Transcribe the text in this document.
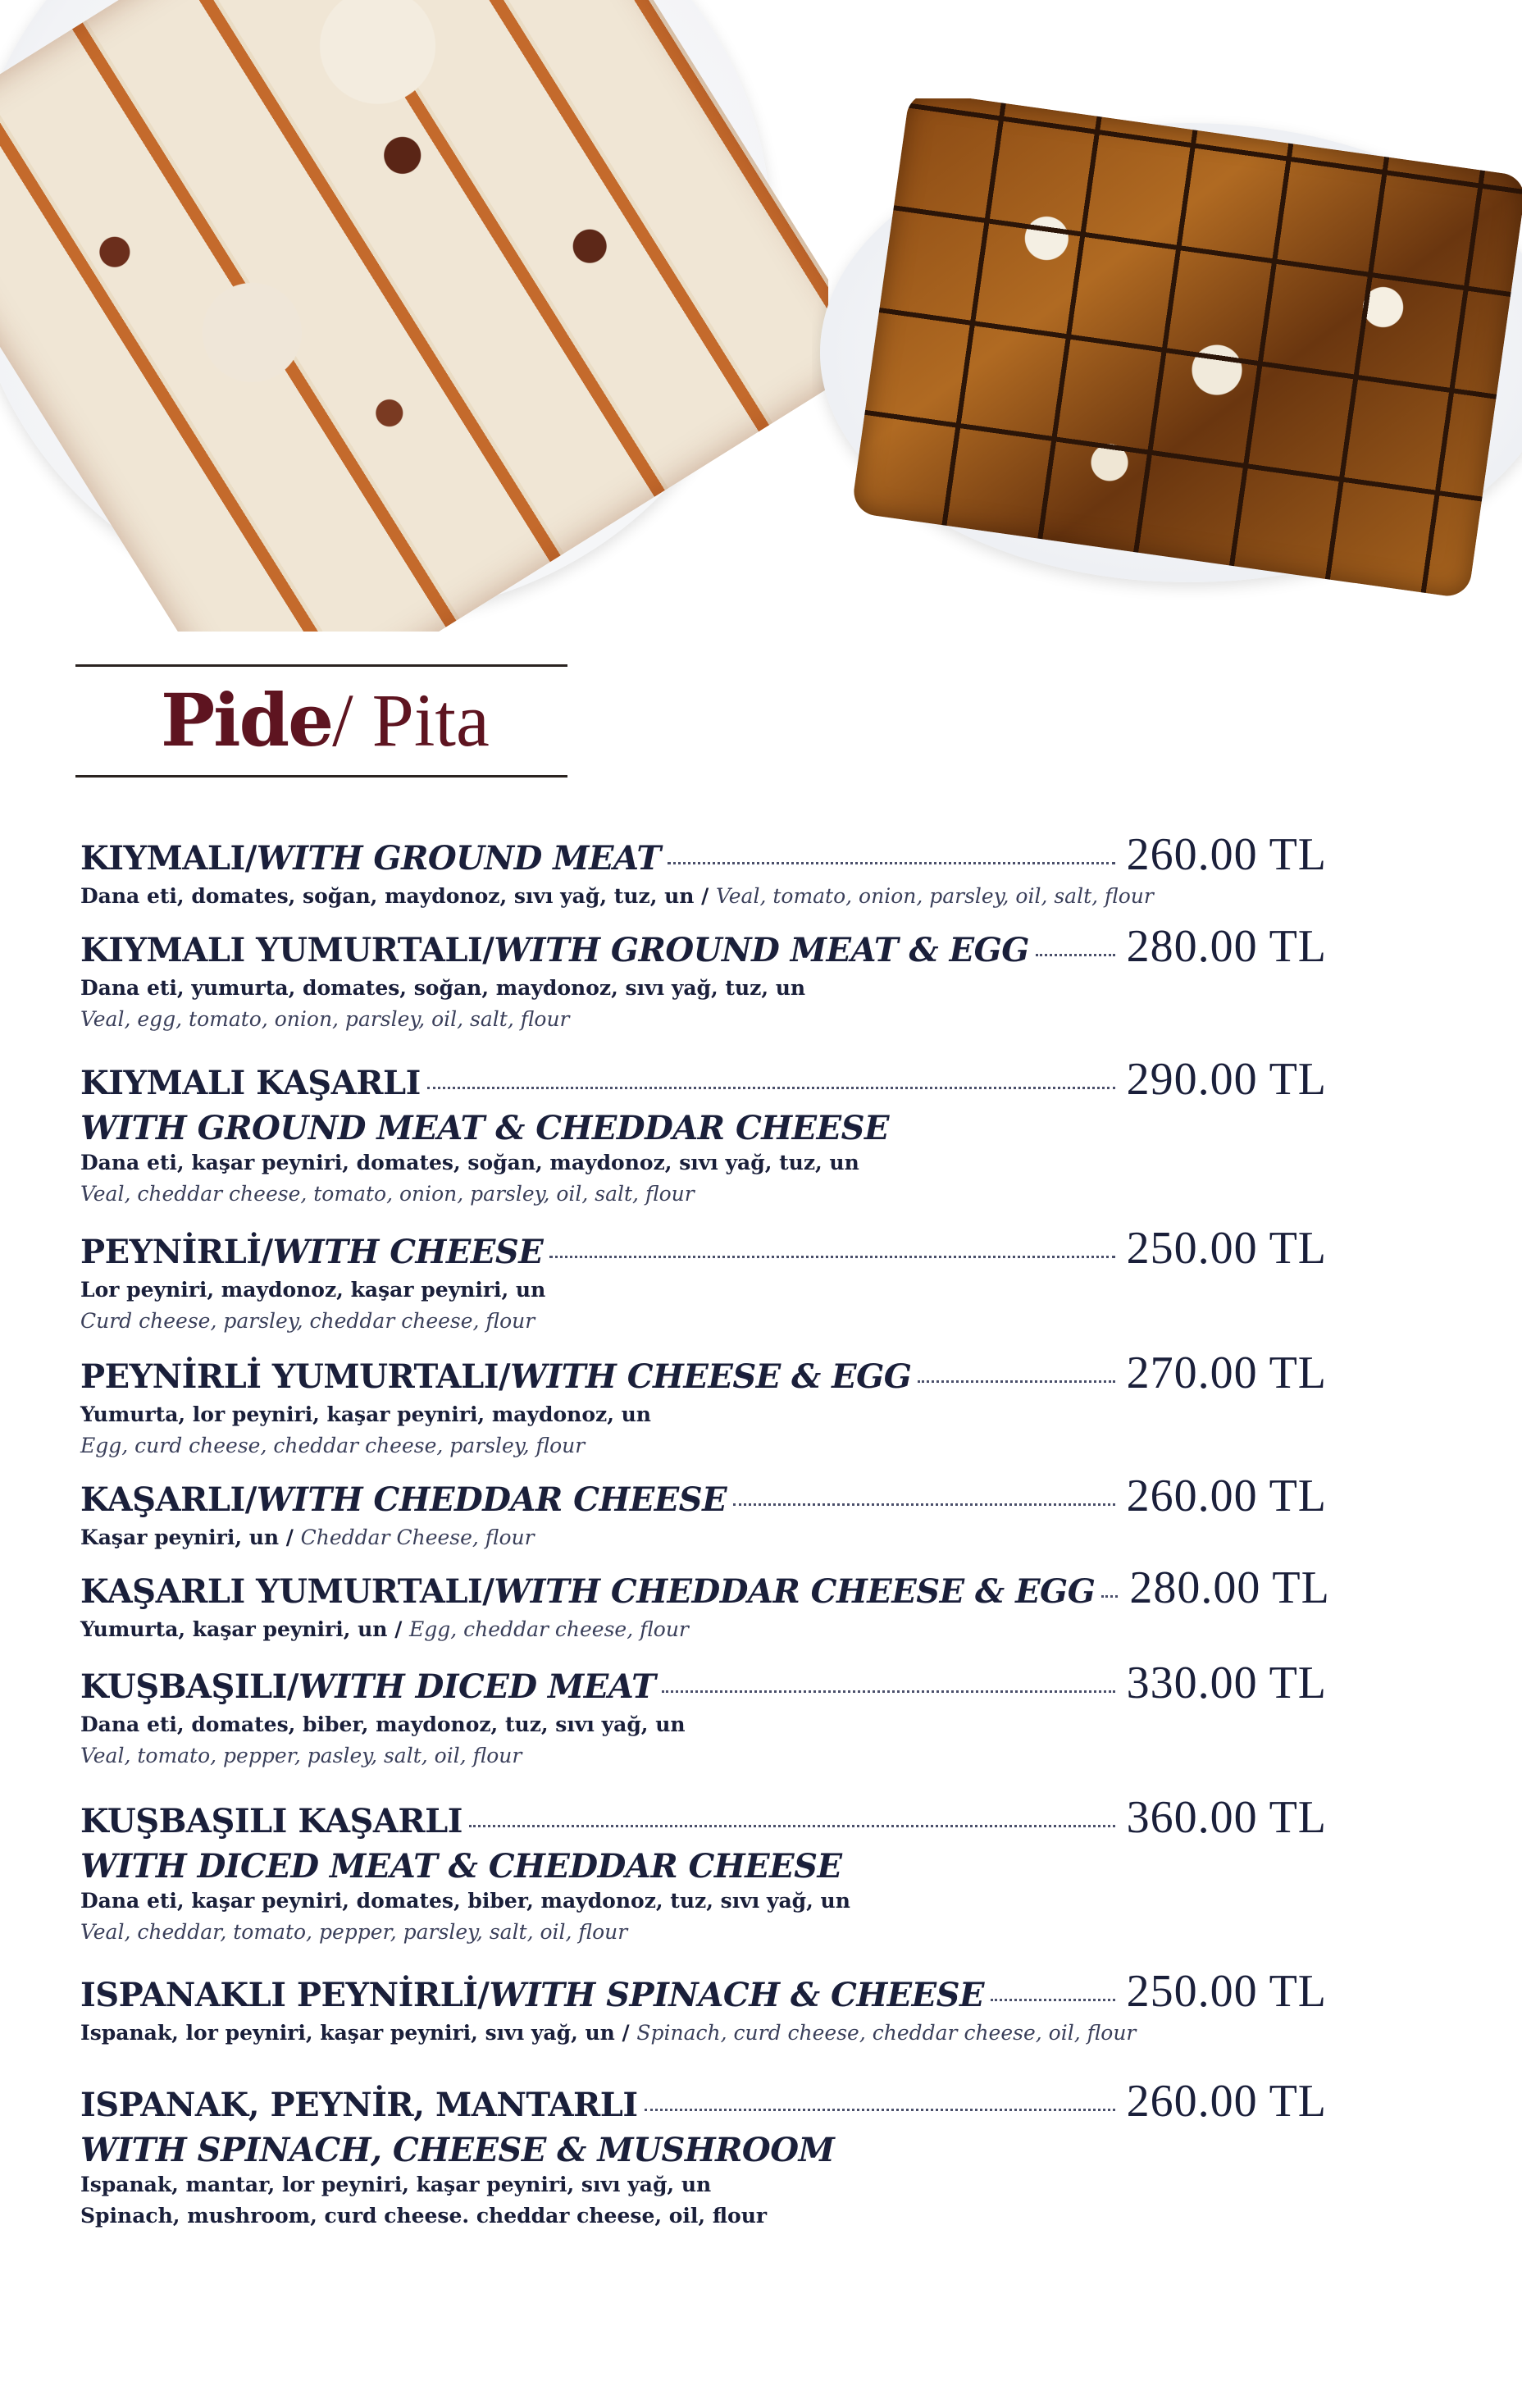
Pide/ Pita
KIYMALI / WITH GROUND MEAT	260.00 TL
Dana eti, domates, soğan, maydonoz, sıvı yağ, tuz, un / Veal, tomato, onion, parsley, oil, salt, flour
KIYMALI YUMURTALI / WITH GROUND MEAT & EGG 280.00 TL
Dana eti, yumurta, domates, soğan, maydonoz, sıvı yağ, tuz, un
Veal, egg, tomato, onion, parsley, oil, salt, flour
KIYMALI KAŞARLI	290.00 TL
WITH GROUND MEAT & CHEDDAR CHEESE
Dana eti, kaşar peyniri, domates, soğan, maydonoz, sıvı yağ, tuz, un
Veal, cheddar cheese, tomato, onion, parsley, oil, salt, flour
PEYNİRLİ / WITH CHEESE	250.00 TL
Lor peyniri, maydonoz, kaşar peyniri, un
Curd cheese, parsley, cheddar cheese, flour
PEYNİRLİ YUMURTALI / WITH CHEESE & EGG	270.00 TL
Yumurta, lor peyniri, kaşar peyniri, maydonoz, un
Egg, curd cheese, cheddar cheese, parsley, flour
KAŞARLI / WITH CHEDDAR CHEESE	260.00 TL
Kaşar peyniri, un / Cheddar Cheese, flour
KAŞARLI YUMURTALI / WITH CHEDDAR CHEESE & EGG 280.00 TL
Yumurta, kaşar peyniri, un / Egg, cheddar cheese, flour
KUŞBAŞILI / WITH DICED MEAT	330.00 TL
Dana eti, domates, biber, maydonoz, tuz, sıvı yağ, un
Veal, tomato, pepper, pasley, salt, oil, flour
KUŞBAŞILI KAŞARLI	360.00 TL
WITH DICED MEAT & CHEDDAR CHEESE
Dana eti, kaşar peyniri, domates, biber, maydonoz, tuz, sıvı yağ, un
Veal, cheddar, tomato, pepper, parsley, salt, oil, flour
ISPANAKLI PEYNİRLİ / WITH SPINACH & CHEESE	250.00 TL
Ispanak, lor peyniri, kaşar peyniri, sıvı yağ, un / Spinach, curd cheese, cheddar cheese, oil, flour
ISPANAK, PEYNİR, MANTARLI	260.00 TL
WITH SPINACH, CHEESE & MUSHROOM
Ispanak, mantar, lor peyniri, kaşar peyniri, sıvı yağ, un
Spinach, mushroom, curd cheese. cheddar cheese, oil, flour
